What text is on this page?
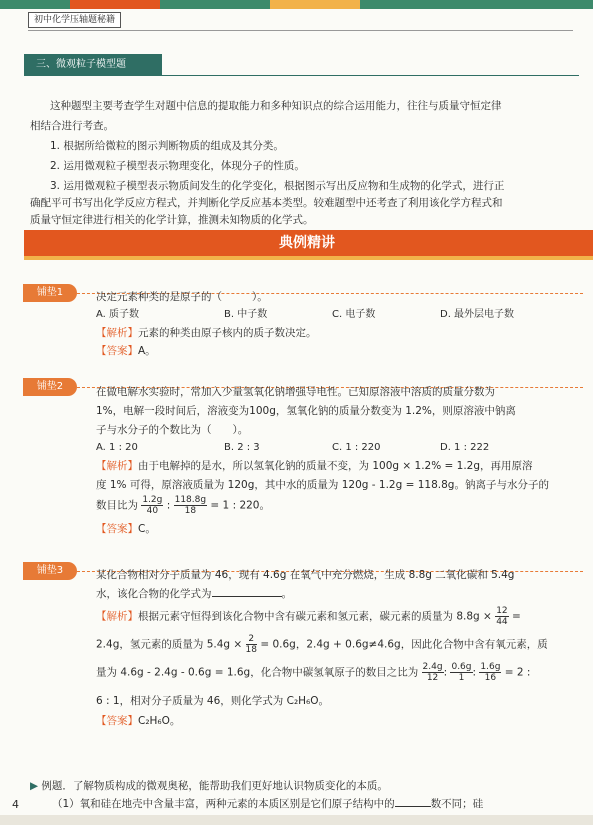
初中化学压轴题秘籍
三、微观粒子模型题
这种题型主要考查学生对题中信息的提取能力和多种知识点的综合运用能力，往往与质量守恒定律
相结合进行考查。
1. 根据所给微粒的图示判断物质的组成及其分类。
2. 运用微观粒子模型表示物理变化，体现分子的性质。
3. 运用微观粒子模型表示物质间发生的化学变化，根据图示写出反应物和生成物的化学式，进行正
确配平可书写出化学反应方程式，并判断化学反应基本类型。较难题型中还考查了利用该化学方程式和
质量守恒定律进行相关的化学计算，推测未知物质的化学式。
典例精讲
铺垫1	决定元素种类的是原子的（	）。
A. 质子数	B. 中子数	C. 电子数	D. 最外层电子数
【解析】元素的种类由原子核内的质子数决定。
【答案】A。
铺垫2	在做电解水实验时，常加入少量氢氧化钠增强导电性。已知原溶液中溶质的质量分数为
1%，电解一段时间后，溶液变为100g，氢氧化钠的质量分数变为 1.2%，则原溶液中钠离
子与水分子的个数比为（　　）。
A. 1 : 20	B. 2 : 3	C. 1 : 220	D. 1 : 222
【解析】由于电解掉的是水，所以氢氧化钠的质量不变，为 100g × 1.2% = 1.2g，再用原溶
度 1% 可得，原溶液质量为 120g，其中水的质量为 120g - 1.2g = 118.8g。钠离子与水分子的
数目比为 $\frac{1.2g}{40}$ : $\frac{118.8g}{18} = 1$ : 220。
【答案】C。
铺垫3	某化合物相对分子质量为 46，现有 4.6g 在氧气中充分燃烧，生成 8.8g 二氧化碳和 5.4g
水，该化合物的化学式为	。
【解析】根据元素守恒得到该化合物中含有碳元素和氢元素，碳元素的质量为 $8.8g \times \frac{12}{44}$ =
2.4g，氢元素的质量为 $5.4g \times \frac{2}{18} = 0.6g$，2.4g + 0.6g≠4.6g，因此化合物中含有氧元素，质
量为 4.6g - 2.4g - 0.6g = 1.6g，化合物中碳氢氧原子的数目之比为 $\frac{2.4g}{12}$ : $\frac{0.6g}{1}$ : $\frac{1.6g}{16} = 2$ :
6 : 1，相对分子质量为 46，则化学式为 C₂H₆O。
【答案】C₂H₆O。
▶ 例题．了解物质构成的微观奥秘，能帮助我们更好地认识物质变化的本质。
（1）氧和硅在地壳中含量丰富，两种元素的本质区别是它们原子结构中的	数不同；硅
4
